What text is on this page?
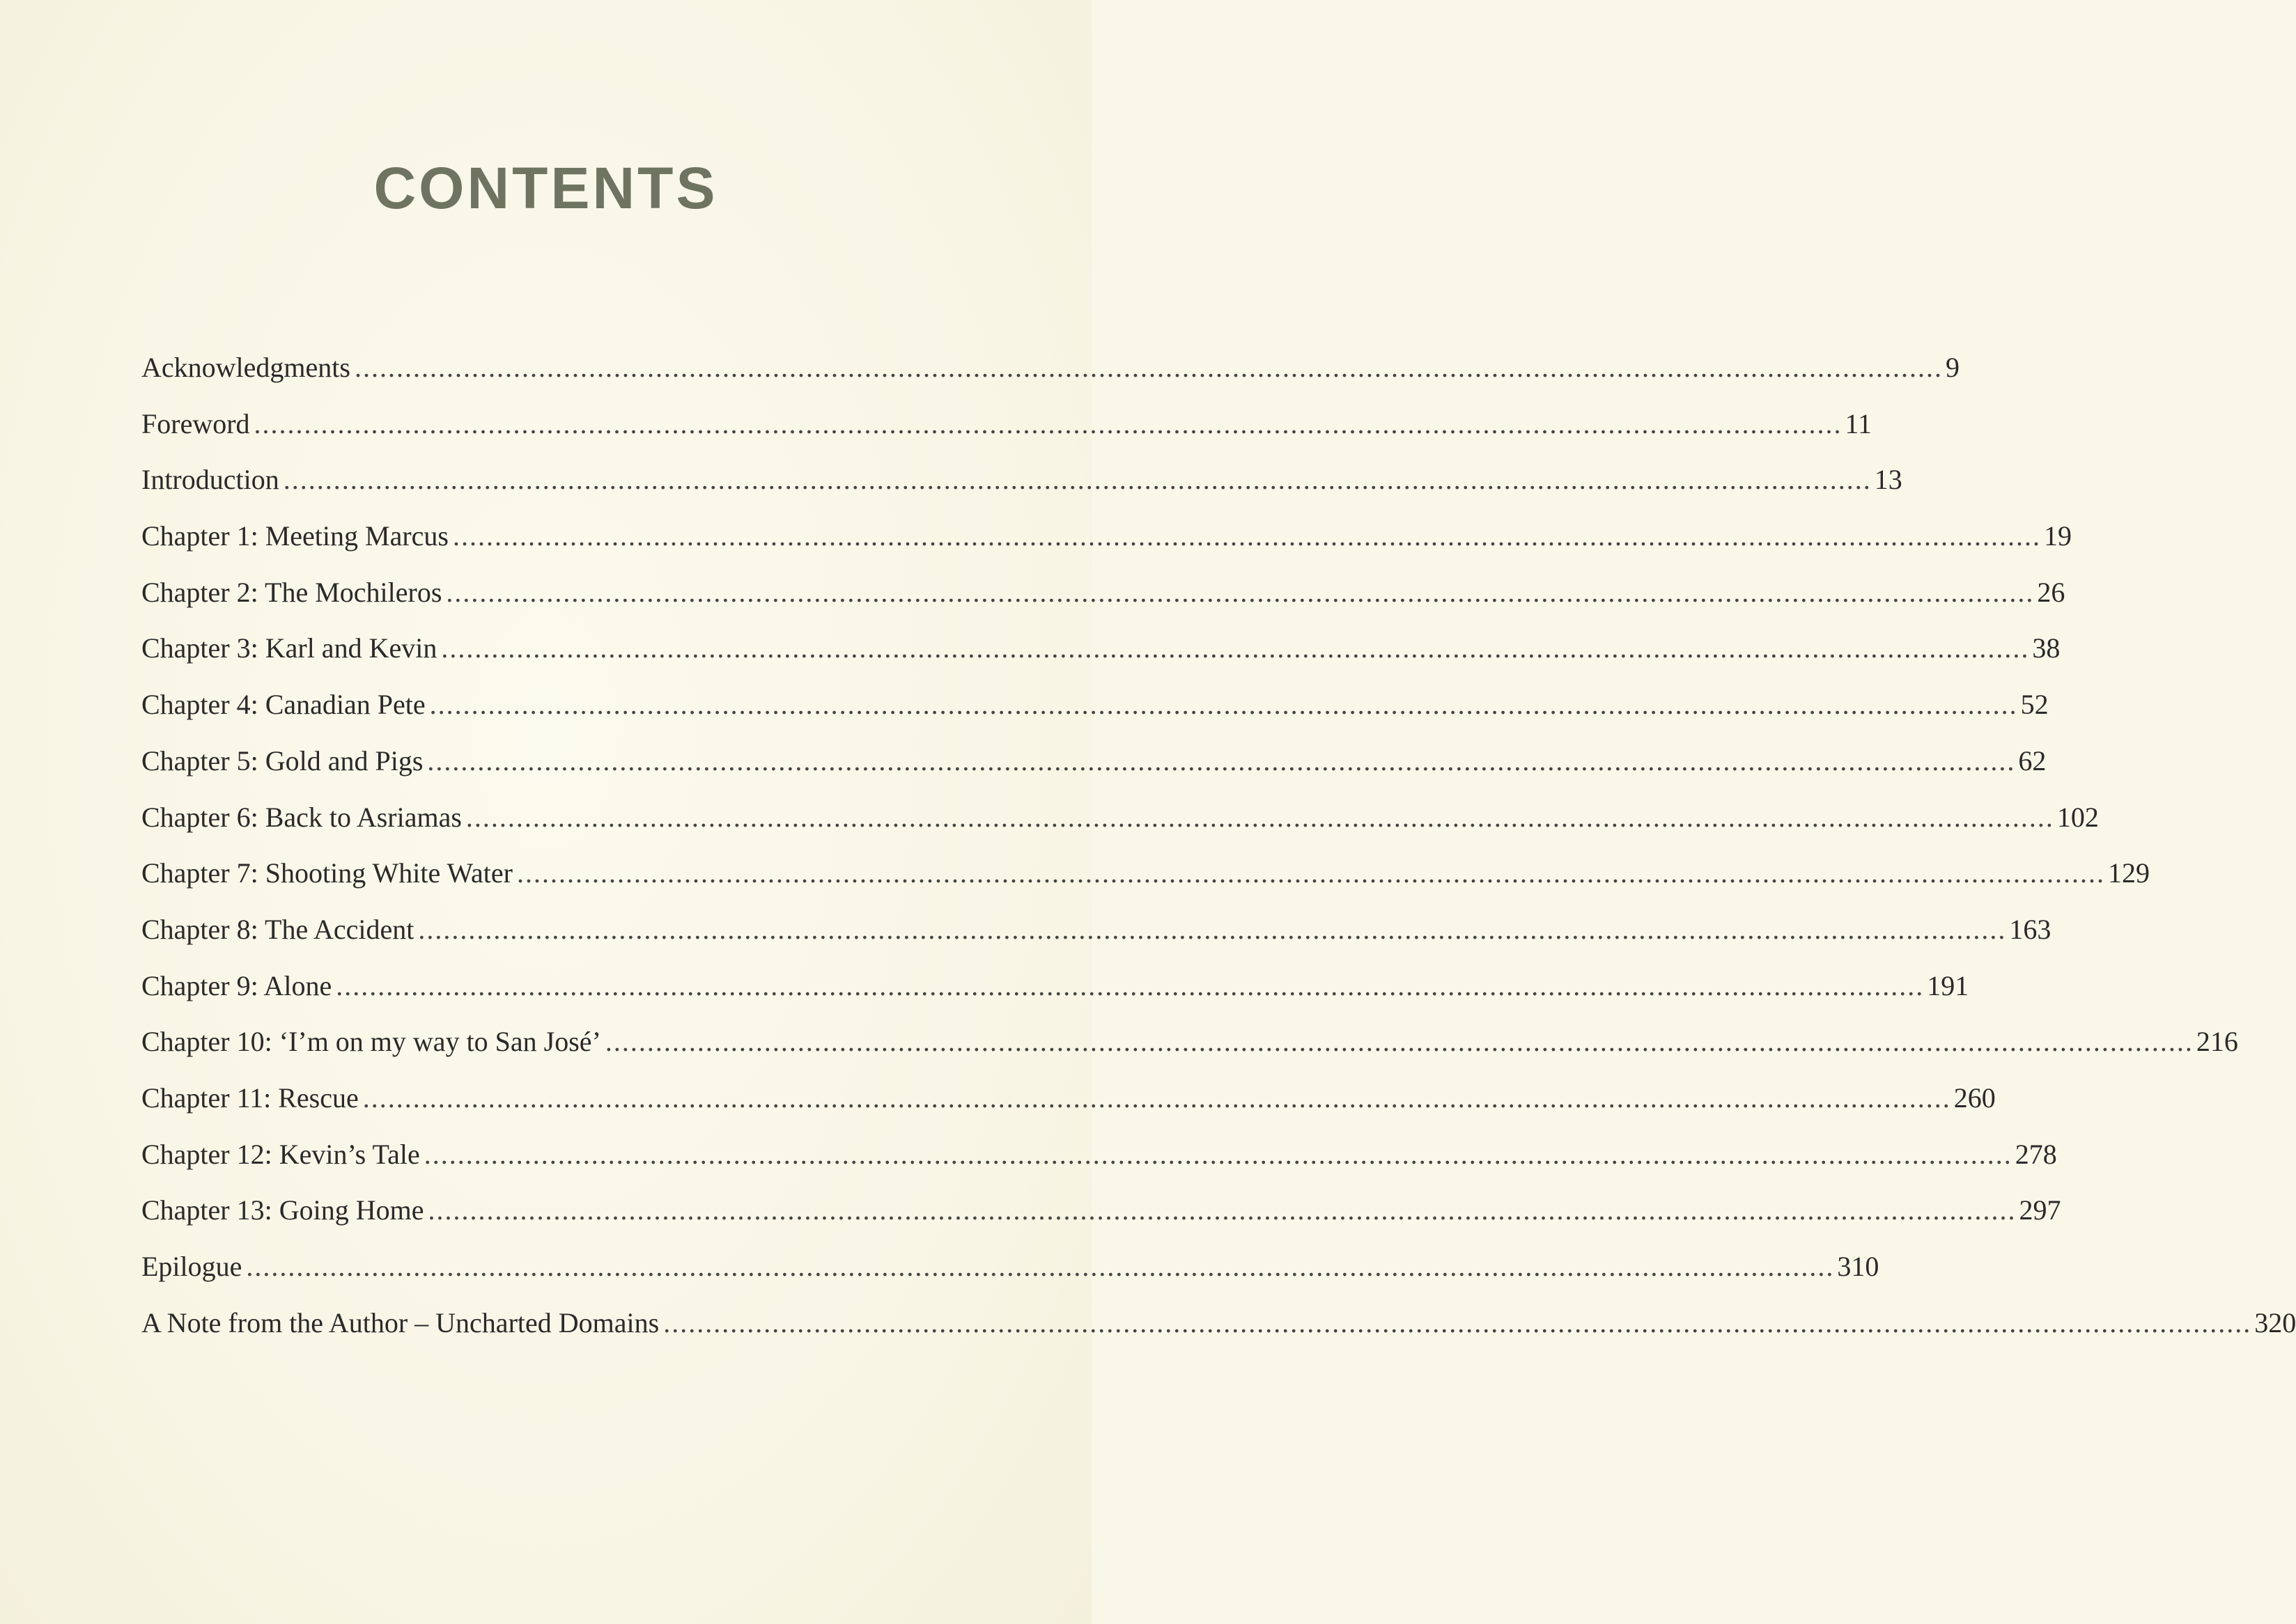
CONTENTS
Acknowledgments .............................................................................................................................................................................................. 9
Foreword .............................................................................................................................................................................................. 11
Introduction .............................................................................................................................................................................................. 13
Chapter 1: Meeting Marcus .............................................................................................................................................................................................. 19
Chapter 2: The Mochileros .............................................................................................................................................................................................. 26
Chapter 3: Karl and Kevin .............................................................................................................................................................................................. 38
Chapter 4: Canadian Pete .............................................................................................................................................................................................. 52
Chapter 5: Gold and Pigs .............................................................................................................................................................................................. 62
Chapter 6: Back to Asriamas .............................................................................................................................................................................................. 102
Chapter 7: Shooting White Water .............................................................................................................................................................................................. 129
Chapter 8: The Accident .............................................................................................................................................................................................. 163
Chapter 9: Alone .............................................................................................................................................................................................. 191
Chapter 10: ‘I’m on my way to San José’ .............................................................................................................................................................................................. 216
Chapter 11: Rescue .............................................................................................................................................................................................. 260
Chapter 12: Kevin’s Tale .............................................................................................................................................................................................. 278
Chapter 13: Going Home .............................................................................................................................................................................................. 297
Epilogue .............................................................................................................................................................................................. 310
A Note from the Author – Uncharted Domains .............................................................................................................................................................................................. 320
